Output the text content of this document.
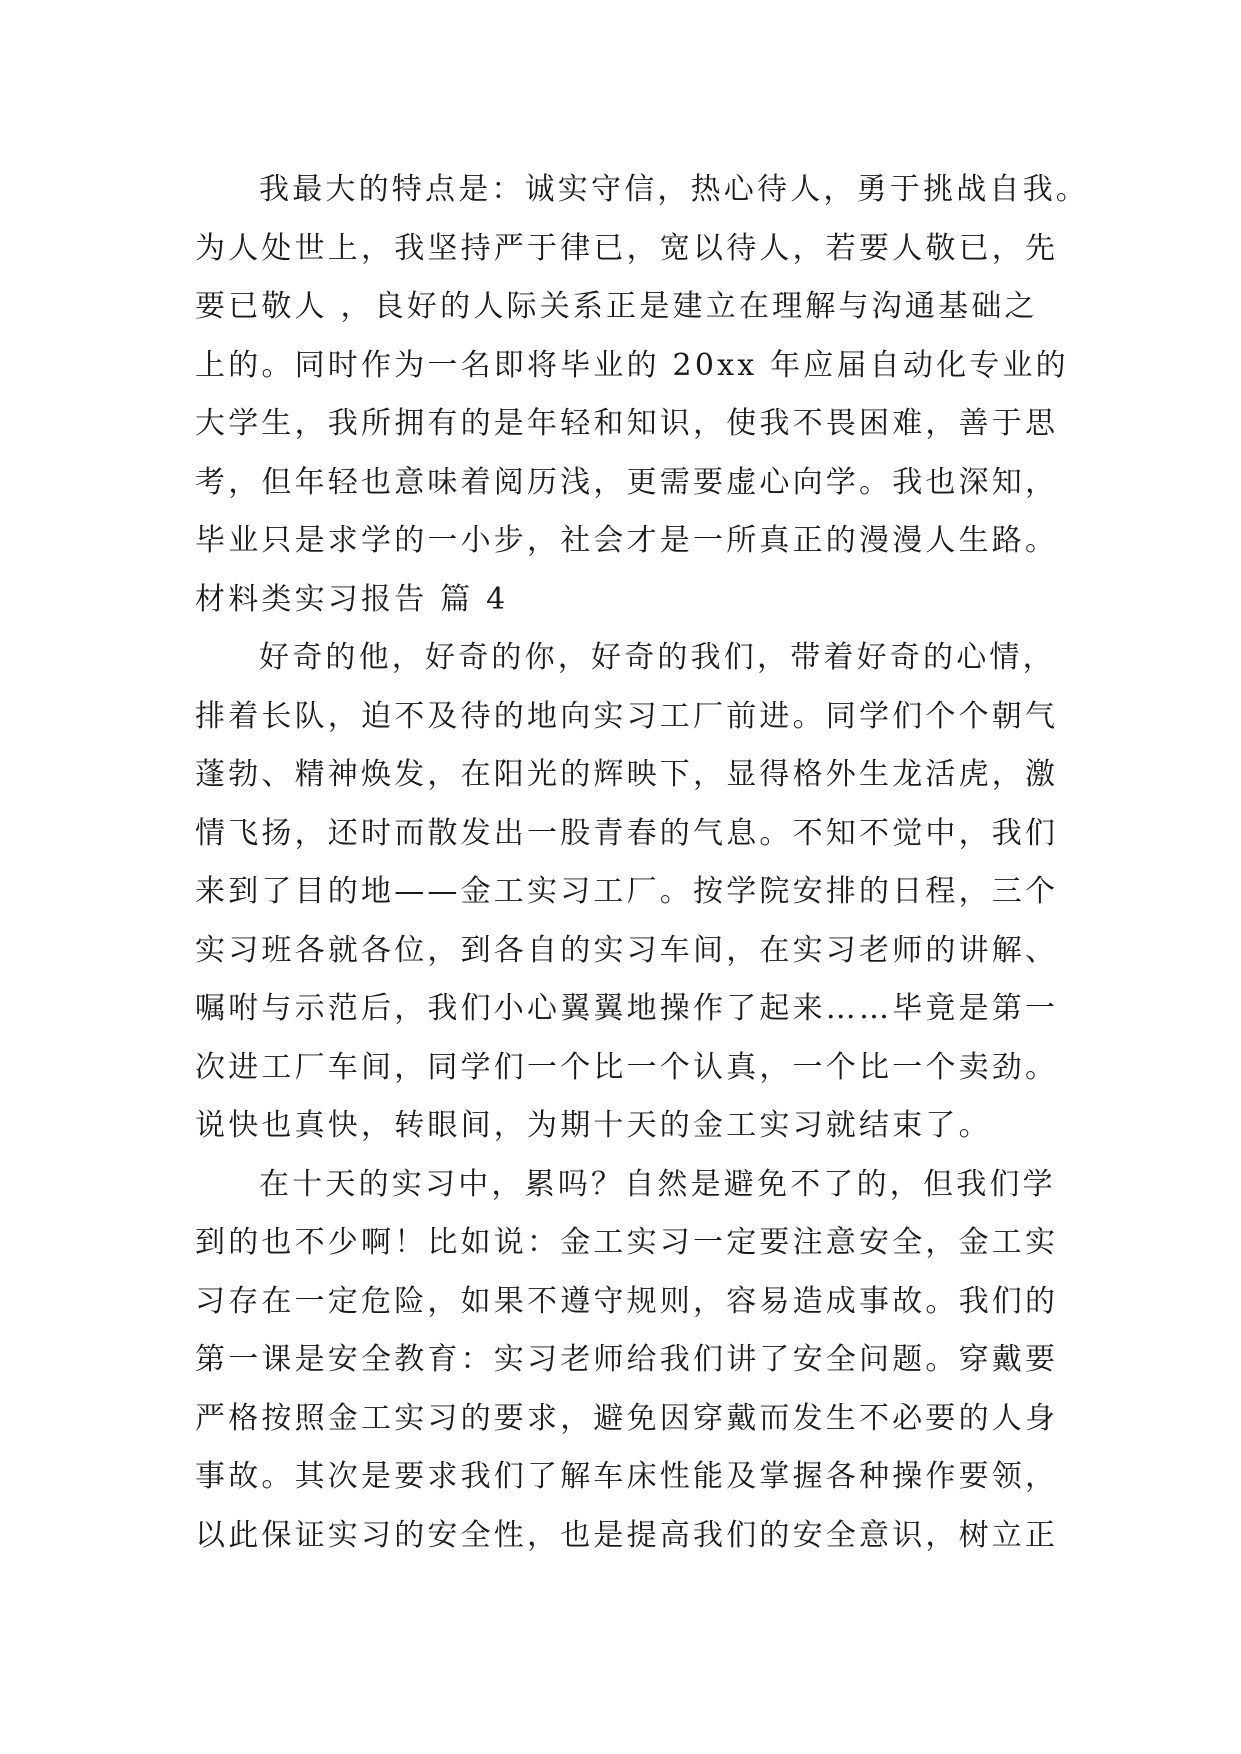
我最大的特点是：诚实守信，热心待人，勇于挑战自我。
为人处世上，我坚持严于律已，宽以待人，若要人敬已，先
要已敬人 ，良好的人际关系正是建立在理解与沟通基础之
上的。同时作为一名即将毕业的 20xx 年应届自动化专业的
大学生，我所拥有的是年轻和知识，使我不畏困难，善于思
考，但年轻也意味着阅历浅，更需要虚心向学。我也深知，
毕业只是求学的一小步，社会才是一所真正的漫漫人生路。
材料类实习报告 篇 4
好奇的他，好奇的你，好奇的我们，带着好奇的心情，
排着长队，迫不及待的地向实习工厂前进。同学们个个朝气
蓬勃、精神焕发，在阳光的辉映下，显得格外生龙活虎，激
情飞扬，还时而散发出一股青春的气息。不知不觉中，我们
来到了目的地——金工实习工厂。按学院安排的日程，三个
实习班各就各位，到各自的实习车间，在实习老师的讲解、
嘱咐与示范后，我们小心翼翼地操作了起来……毕竟是第一
次进工厂车间，同学们一个比一个认真，一个比一个卖劲。
说快也真快，转眼间，为期十天的金工实习就结束了。
在十天的实习中，累吗？自然是避免不了的，但我们学
到的也不少啊！比如说：金工实习一定要注意安全，金工实
习存在一定危险，如果不遵守规则，容易造成事故。我们的
第一课是安全教育：实习老师给我们讲了安全问题。穿戴要
严格按照金工实习的要求，避免因穿戴而发生不必要的人身
事故。其次是要求我们了解车床性能及掌握各种操作要领，
以此保证实习的安全性，也是提高我们的安全意识，树立正
